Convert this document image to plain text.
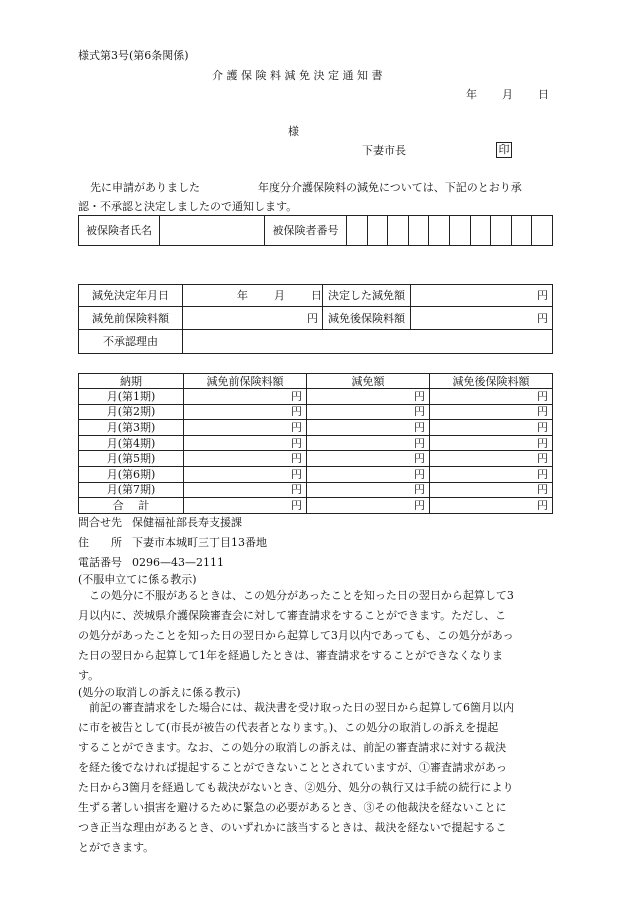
様式第3号(第6条関係)
介 護 保 険 料 減 免 決 定 通 知 書
年 月 日
様
下妻市長	印
先に申請がありました	年度分介護保険料の減免については、下記のとおり承
認・不承認と決定しましたので通知します。
被保険者氏名		被保険者番号										
減免決定年月日	年 月 日	決定した減免額	円
減免前保険料額	円	減免後保険料額	円
不承認理由			
納期	減免前保険料額	減免額	減免後保険料額
月(第1期)	円	円	円
月(第2期)	円	円	円
月(第3期)	円	円	円
月(第4期)	円	円	円
月(第5期)	円	円	円
月(第6期)	円	円	円
月(第7期)	円	円	円
合　 計	円	円	円
問合せ先 保健福祉部長寿支援課
住　　所 下妻市本城町三丁目13番地
電話番号 0296—43—2111
(不服申立てに係る教示)
この処分に不服があるときは、この処分があったことを知った日の翌日から起算して3
月以内に、茨城県介護保険審査会に対して審査請求をすることができます。ただし、こ
の処分があったことを知った日の翌日から起算して3月以内であっても、この処分があっ
た日の翌日から起算して1年を経過したときは、審査請求をすることができなくなりま
す。
(処分の取消しの訴えに係る教示)
前記の審査請求をした場合には、裁決書を受け取った日の翌日から起算して6箇月以内
に市を被告として(市長が被告の代表者となります。)、この処分の取消しの訴えを提起
することができます。なお、この処分の取消しの訴えは、前記の審査請求に対する裁決
を経た後でなければ提起することができないこととされていますが、①審査請求があっ
た日から3箇月を経過しても裁決がないとき、②処分、処分の執行又は手続の続行により
生ずる著しい損害を避けるために緊急の必要があるとき、③その他裁決を経ないことに
つき正当な理由があるとき、のいずれかに該当するときは、裁決を経ないで提起するこ
とができます。
